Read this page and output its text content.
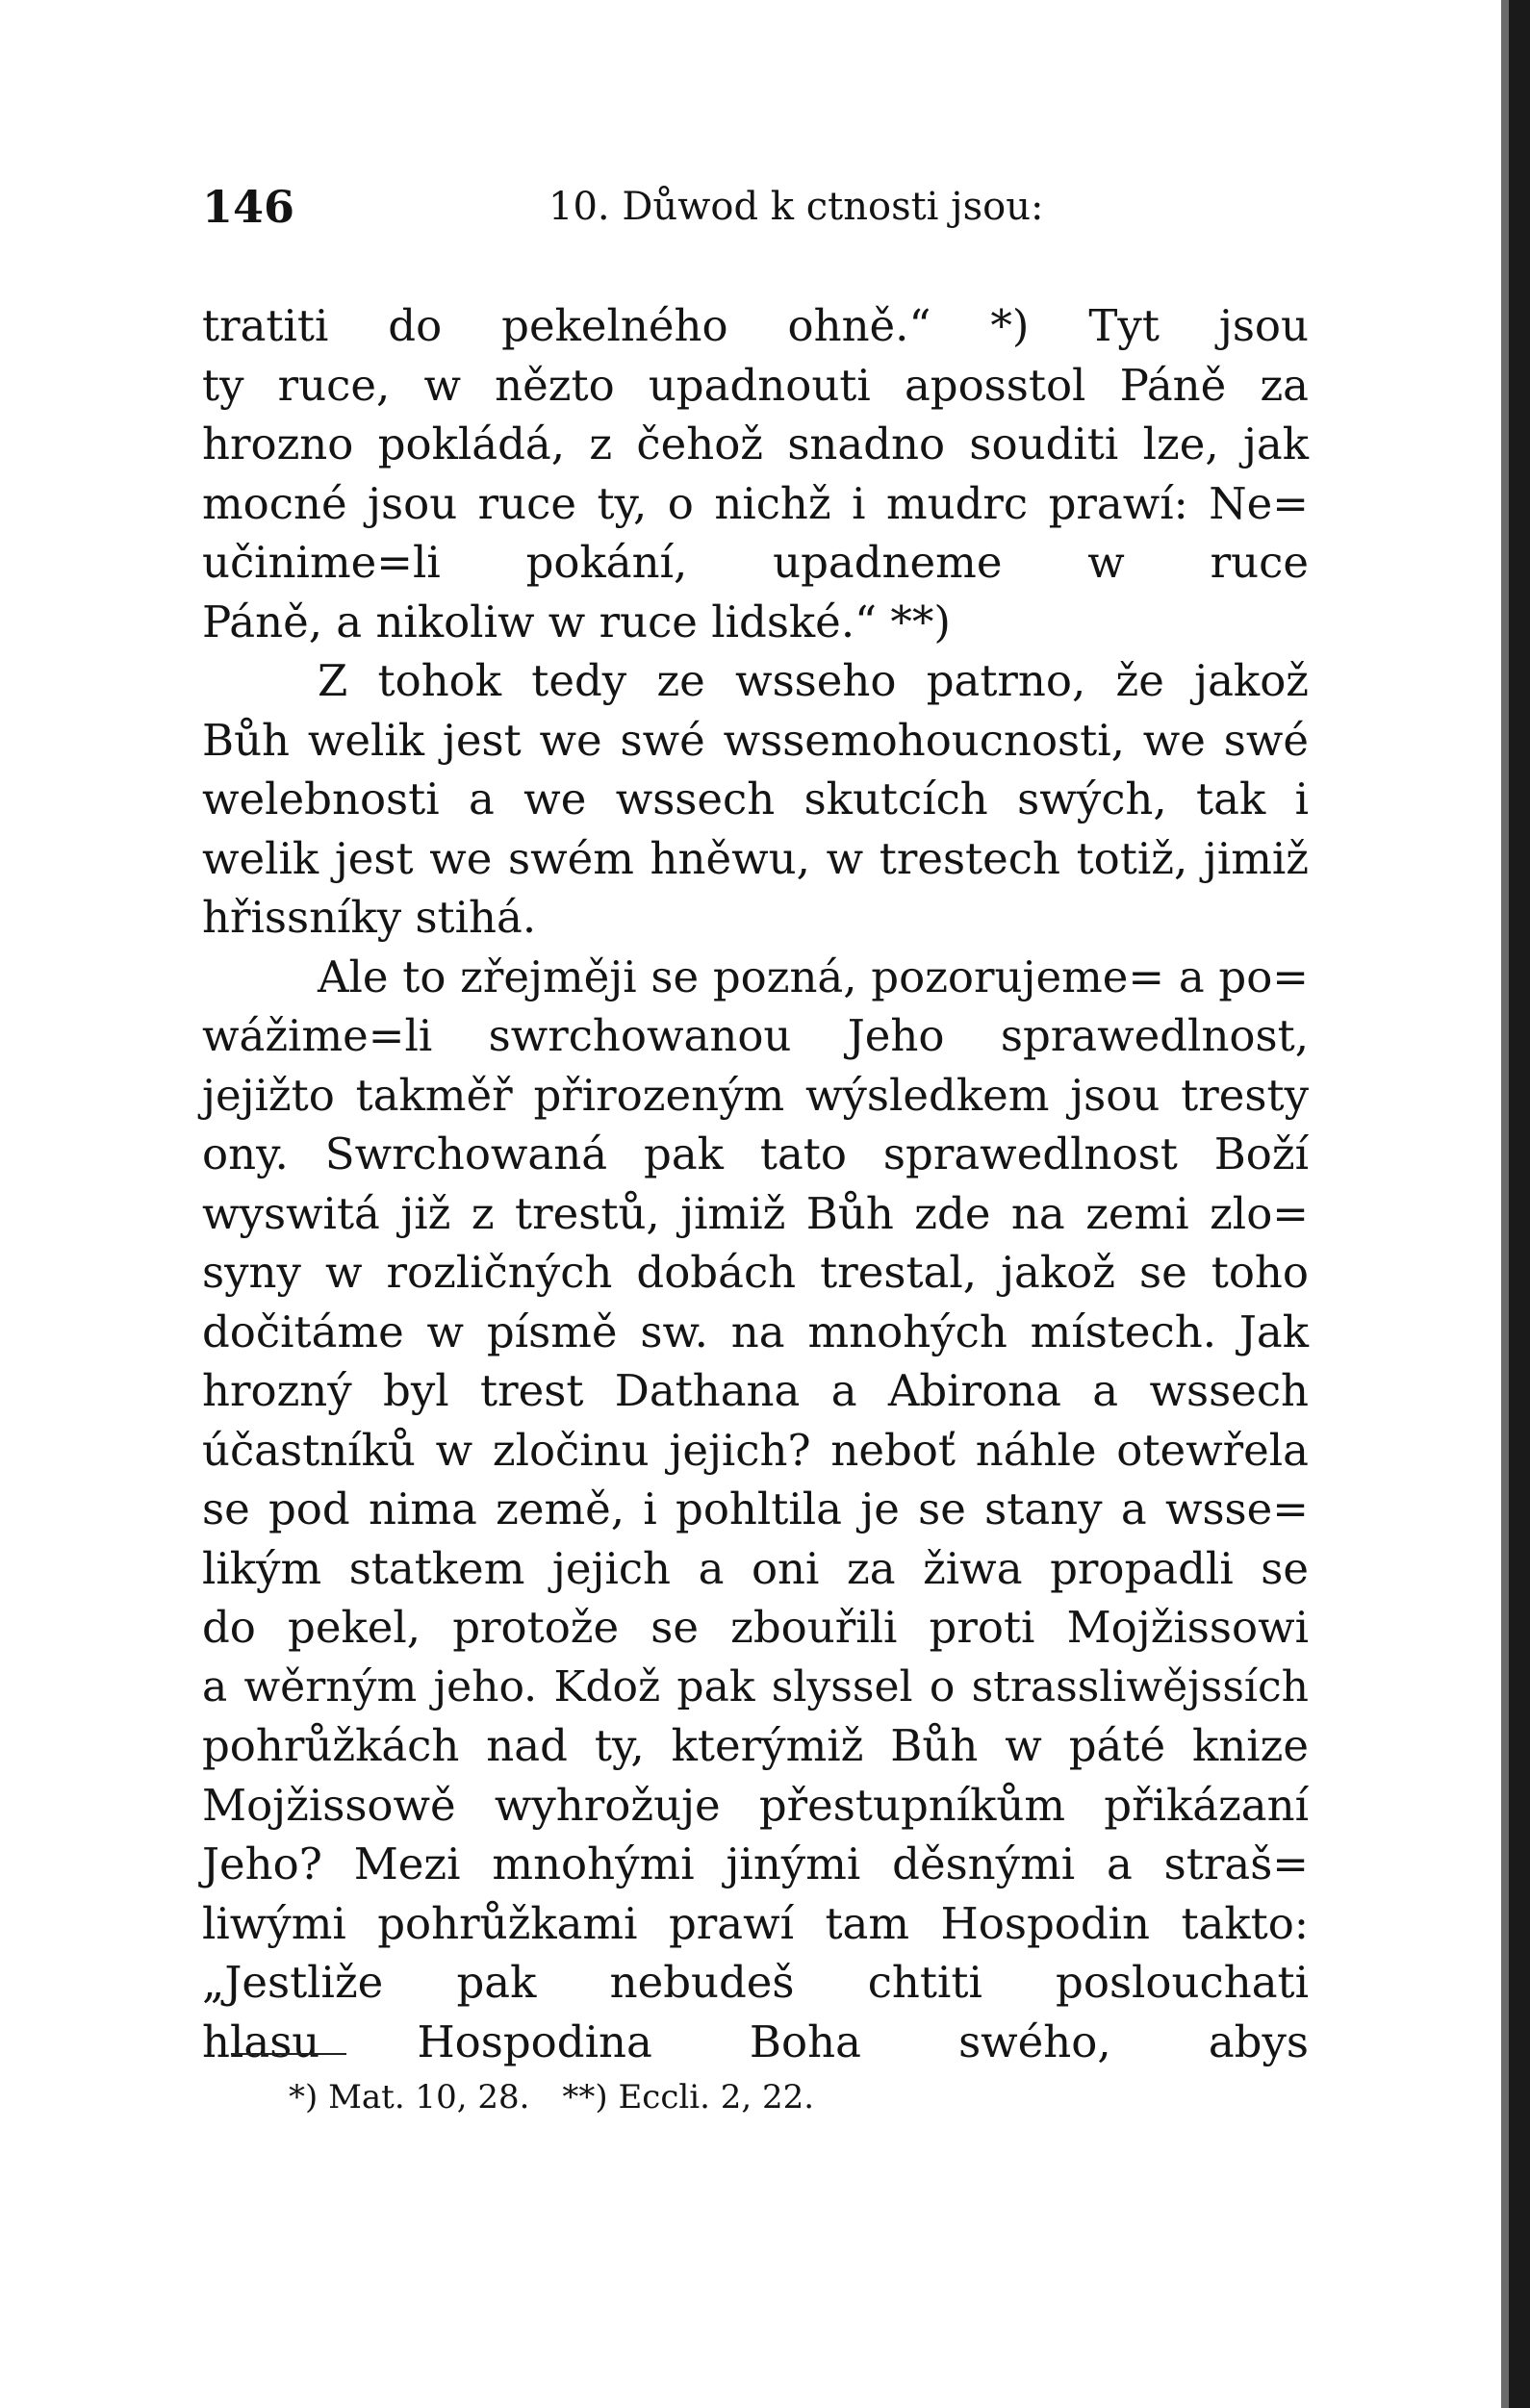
146	10. Důwod k ctnosti jsou:
tratiti do pekelného ohně.“ *) Tyt jsou
ty ruce, w nězto upadnouti aposstol Páně za
hrozno pokládá, z čehož snadno souditi lze, jak
mocné jsou ruce ty, o nichž i mudrc prawí: Ne=
učinime=li pokání, upadneme w ruce
Páně, a nikoliw w ruce lidské.“ **)
Z tohok tedy ze wsseho patrno, že jakož
Bůh welik jest we swé wssemohoucnosti, we swé
welebnosti a we wssech skutcích swých, tak i
welik jest we swém hněwu, w trestech totiž, jimiž
hřissníky stihá.
Ale to zřejměji se pozná, pozorujeme= a po=
wážime=li swrchowanou Jeho sprawedlnost,
jejižto takměř přirozeným wýsledkem jsou tresty
ony. Swrchowaná pak tato sprawedlnost Boží
wyswitá již z trestů, jimiž Bůh zde na zemi zlo=
syny w rozličných dobách trestal, jakož se toho
dočitáme w písmě sw. na mnohých místech. Jak
hrozný byl trest Dathana a Abirona a wssech
účastníků w zločinu jejich? neboť náhle otewřela
se pod nima země, i pohltila je se stany a wsse=
likým statkem jejich a oni za žiwa propadli se
do pekel, protože se zbouřili proti Mojžissowi
a wěrným jeho. Kdož pak slyssel o strassliwějssích
pohrůžkách nad ty, kterýmiž Bůh w páté knize
Mojžissowě wyhrožuje přestupníkům přikázaní
Jeho? Mezi mnohými jinými děsnými a straš=
liwými pohrůžkami prawí tam Hospodin takto:
„Jestliže pak nebudeš chtiti poslouchati
hlasu Hospodina Boha swého, abys
*) Mat. 10, 28. **) Eccli. 2, 22.
